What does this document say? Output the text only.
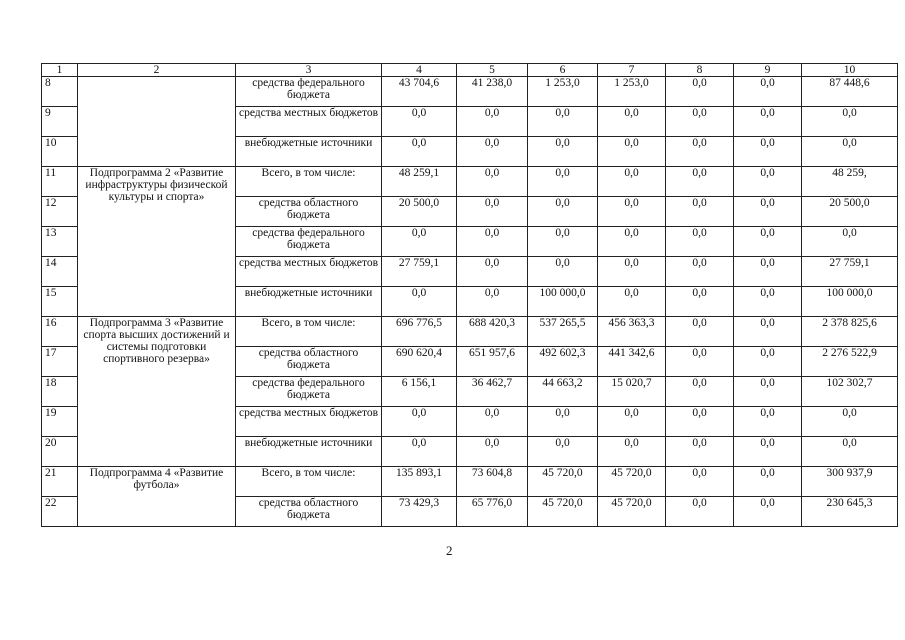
1	2	3	4	5	6	7	8	9	10
8		средства федерального бюджета	43 704,6	41 238,0	1 253,0	1 253,0	0,0	0,0	87 448,6
9		средства местных бюджетов	0,0	0,0	0,0	0,0	0,0	0,0	0,0
10		внебюджетные источники	0,0	0,0	0,0	0,0	0,0	0,0	0,0
11	Подпрограмма 2 «Развитие инфраструктуры физической культуры и спорта»	Всего, в том числе:	48 259,1	0,0	0,0	0,0	0,0	0,0	48 259,
12		средства областного бюджета	20 500,0	0,0	0,0	0,0	0,0	0,0	20 500,0
13		средства федерального бюджета	0,0	0,0	0,0	0,0	0,0	0,0	0,0
14		средства местных бюджетов	27 759,1	0,0	0,0	0,0	0,0	0,0	27 759,1
15		внебюджетные источники	0,0	0,0	100 000,0	0,0	0,0	0,0	100 000,0
16	Подпрограмма 3 «Развитие спорта высших достижений и системы подготовки спортивного резерва»	Всего, в том числе:	696 776,5	688 420,3	537 265,5	456 363,3	0,0	0,0	2 378 825,6
17		средства областного бюджета	690 620,4	651 957,6	492 602,3	441 342,6	0,0	0,0	2 276 522,9
18		средства федерального бюджета	6 156,1	36 462,7	44 663,2	15 020,7	0,0	0,0	102 302,7
19		средства местных бюджетов	0,0	0,0	0,0	0,0	0,0	0,0	0,0
20		внебюджетные источники	0,0	0,0	0,0	0,0	0,0	0,0	0,0
21	Подпрограмма 4 «Развитие футбола»	Всего, в том числе:	135 893,1	73 604,8	45 720,0	45 720,0	0,0	0,0	300 937,9
22		средства областного бюджета	73 429,3	65 776,0	45 720,0	45 720,0	0,0	0,0	230 645,3
2
